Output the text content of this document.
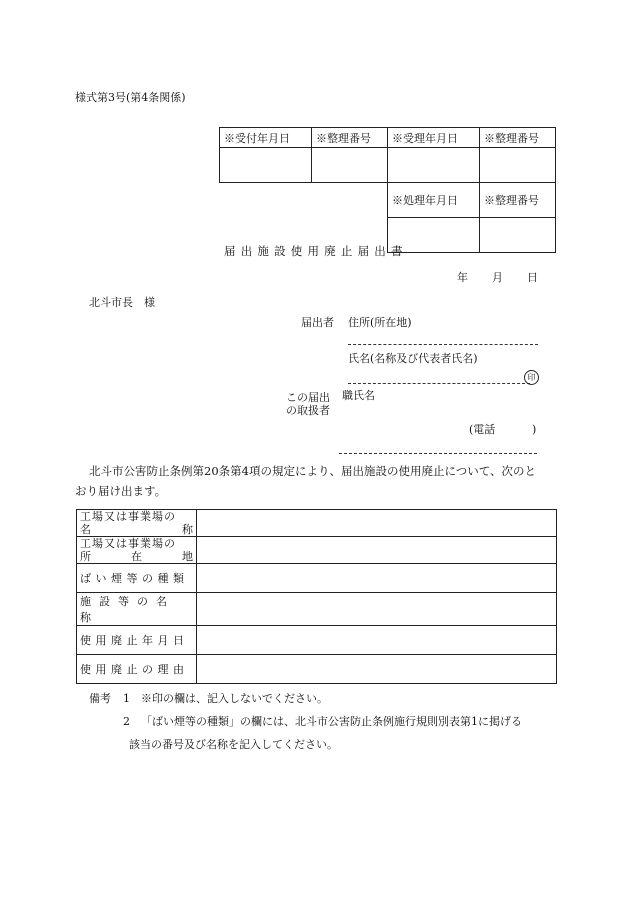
様式第3号(第4条関係)
※受付年月日	※整理番号	※受理年月日	※整理番号

		※処理年月日	※整理番号

届出施設使用廃止届出書
年 月 日
北斗市長　様
届出者 住所(所在地)
氏名(名称及び代表者氏名)
印
この届出
の取扱者
職氏名
(電話	)
北斗市公害防止条例第20条第4項の規定により、届出施設の使用廃止について、次のと
おり届け出ます。
工場又は事業場の
名 称	

工場又は事業場の
所 在 地	

ばい煙等の種類	
施設等の名称	
使用廃止年月日	
使用廃止の理由	
備考 1 ※印の欄は、記入しないでください。
2 「ばい煙等の種類」の欄には、北斗市公害防止条例施行規則別表第1に掲げる
該当の番号及び名称を記入してください。
